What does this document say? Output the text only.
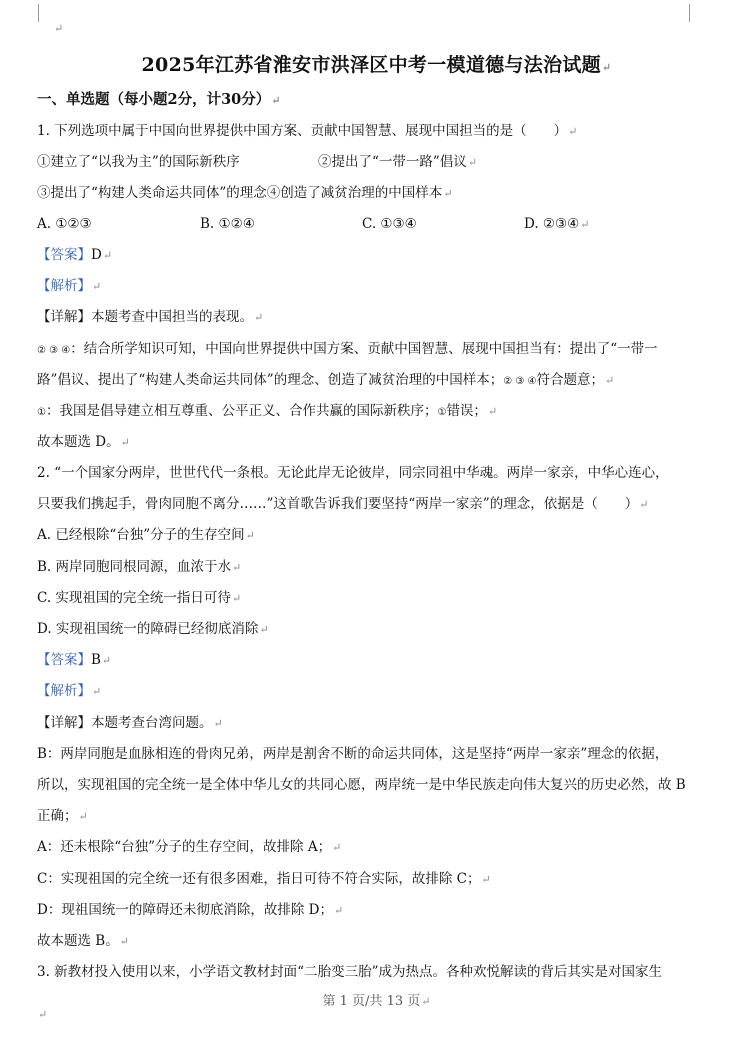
↵
2025年江苏省淮安市洪泽区中考一模道德与法治试题↵
一、单选题（每小题2分，计30分）↵
1. 下列选项中属于中国向世界提供中国方案、贡献中国智慧、展现中国担当的是（　　）↵
①建立了“以我为主”的国际新秩序	②提出了“一带一路”倡议↵
③提出了“构建人类命运共同体”的理念④创造了减贫治理的中国样本↵
A. ①②③	B. ①②④	C. ①③④	D. ②③④↵
【答案】D↵
【解析】↵
【详解】本题考查中国担当的表现。↵
② ③ ④：结合所学知识可知，中国向世界提供中国方案、贡献中国智慧、展现中国担当有：提出了“一带一
路”倡议、提出了“构建人类命运共同体”的理念、创造了减贫治理的中国样本；② ③ ④符合题意；↵
①：我国是倡导建立相互尊重、公平正义、合作共赢的国际新秩序；①错误；↵
故本题选 D。↵
2. “一个国家分两岸，世世代代一条根。无论此岸无论彼岸，同宗同祖中华魂。两岸一家亲，中华心连心，
只要我们携起手，骨肉同胞不离分……”这首歌告诉我们要坚持“两岸一家亲”的理念，依据是（　　）↵
A. 已经根除“台独”分子的生存空间↵
B. 两岸同胞同根同源，血浓于水↵
C. 实现祖国的完全统一指日可待↵
D. 实现祖国统一的障碍已经彻底消除↵
【答案】B↵
【解析】↵
【详解】本题考查台湾问题。↵
B：两岸同胞是血脉相连的骨肉兄弟，两岸是割舍不断的命运共同体，这是坚持“两岸一家亲”理念的依据，
所以，实现祖国的完全统一是全体中华儿女的共同心愿，两岸统一是中华民族走向伟大复兴的历史必然，故 B
正确；↵
A：还未根除“台独”分子的生存空间，故排除 A；↵
C：实现祖国的完全统一还有很多困难，指日可待不符合实际，故排除 C；↵
D：现祖国统一的障碍还未彻底消除，故排除 D；↵
故本题选 B。↵
3. 新教材投入使用以来，小学语文教材封面“二胎变三胎”成为热点。各种欢悦解读的背后其实是对国家生
第 1 页/共 13 页↵
↵
